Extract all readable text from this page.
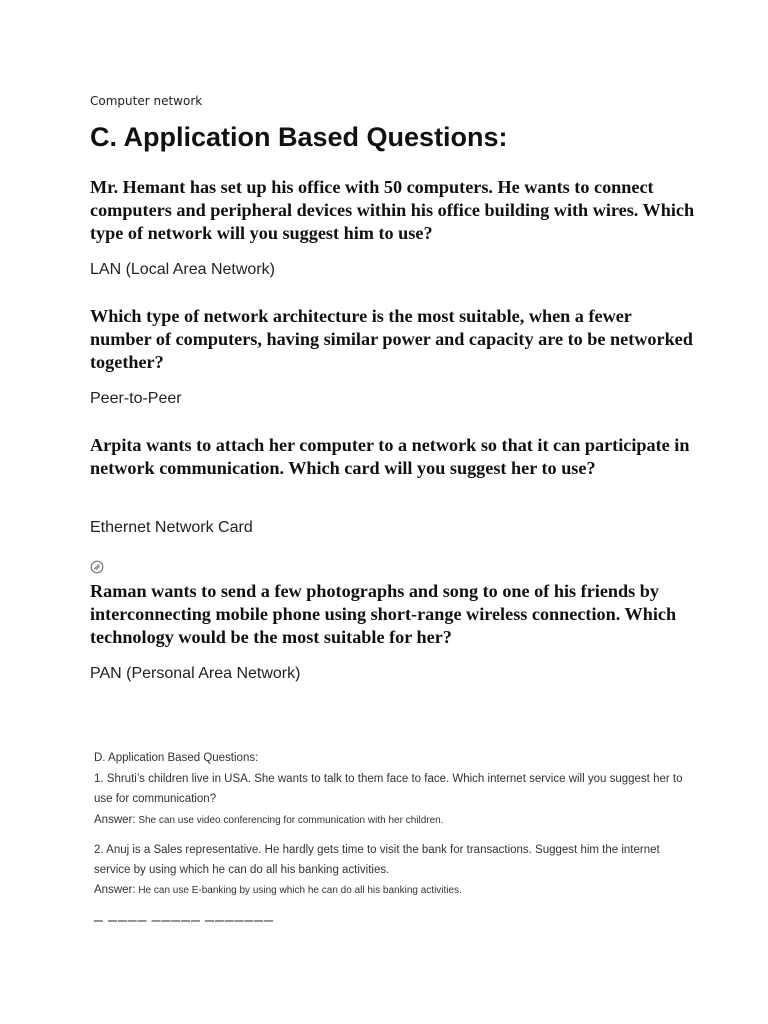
Computer network
C. Application Based Questions:

Mr. Hemant has set up his office with 50 computers. He wants to connect computers and peripheral devices within his office building with wires. Which type of network will you suggest him to use?

LAN (Local Area Network)

Which type of network architecture is the most suitable, when a fewer number of computers, having similar power and capacity are to be networked together?

Peer-to-Peer

Arpita wants to attach her computer to a network so that it can participate in network communication. Which card will you suggest her to use?

Ethernet Network Card

Raman wants to send a few photographs and song to one of his friends by interconnecting mobile phone using short-range wireless connection. Which technology would be the most suitable for her?

PAN (Personal Area Network)

D. Application Based Questions:
1. Shruti’s children live in USA. She wants to talk to them face to face. Which internet service will you suggest her to
use for communication?
Answer: She can use video conferencing for communication with her children.
2. Anuj is a Sales representative. He hardly gets time to visit the bank for transactions. Suggest him the internet
service by using which he can do all his banking activities.
Answer: He can use E-banking by using which he can do all his banking activities.
▔ ▔▔▔▔ ▔▔▔▔▔ ▔▔▔▔▔▔▔
